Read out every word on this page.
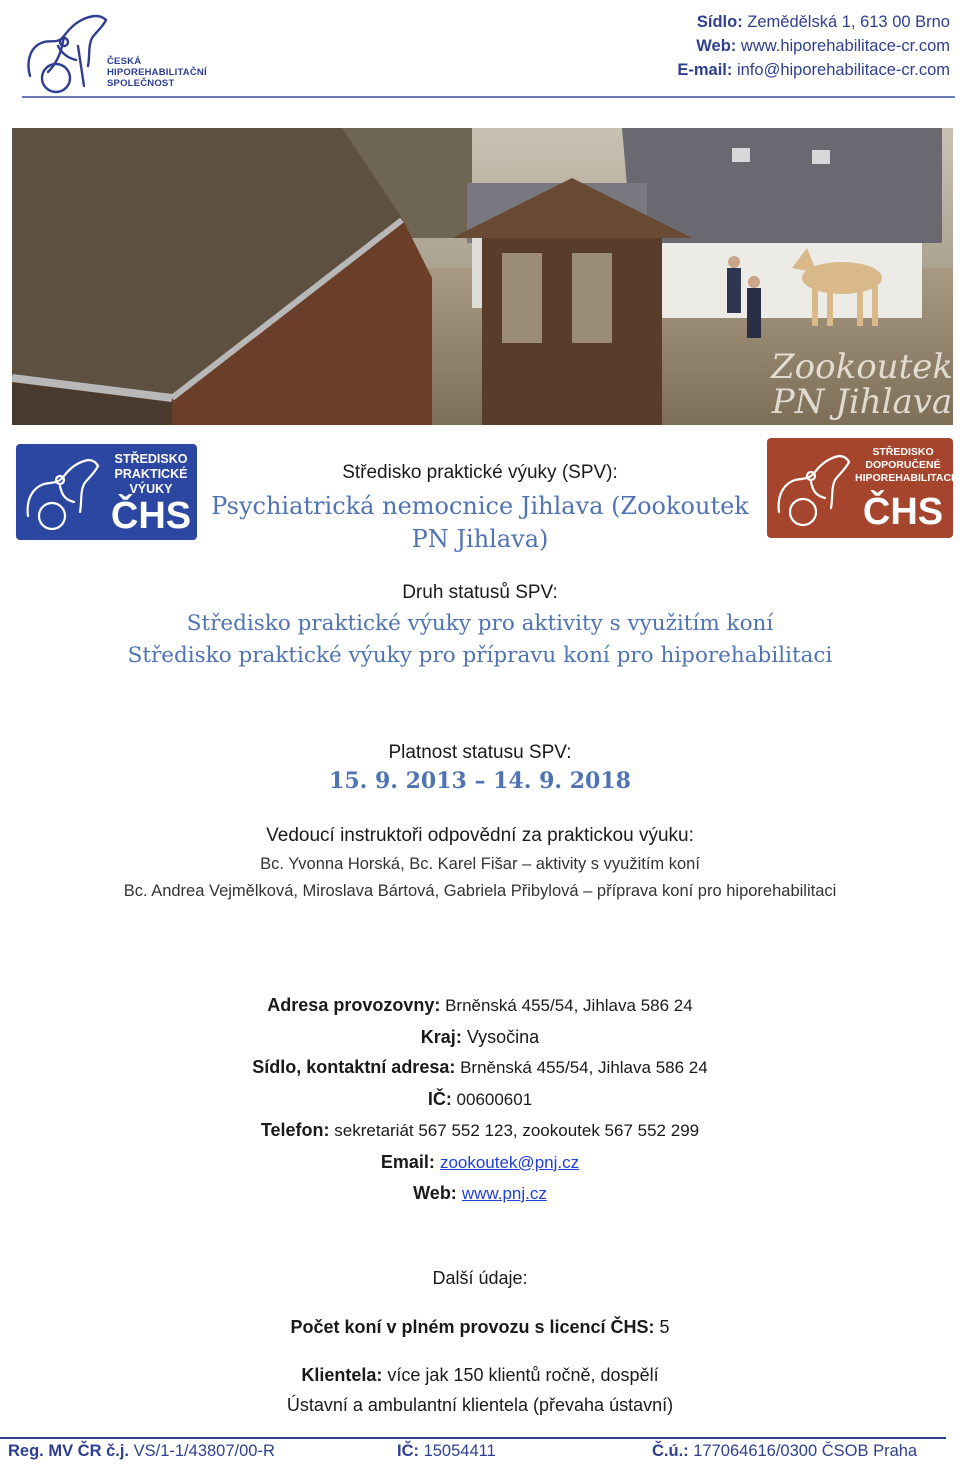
ČESKÁ
HIPOREHABILITAČNÍ
SPOLEČNOST
Sídlo: Zemědělská 1, 613 00 Brno
Web: www.hiporehabilitace-cr.com
E-mail: info@hiporehabilitace-cr.com
Zookoutek
PN Jihlava
STŘEDISKO
PRAKTICKÉ
VÝUKY
ČHS
STŘEDISKO
DOPORUČENÉ
HIPOREHABILITACE
ČHS
Středisko praktické výuky (SPV):
Psychiatrická nemocnice Jihlava (Zookoutek
PN Jihlava)
Druh statusů SPV:
Středisko praktické výuky pro aktivity s využitím koní
Středisko praktické výuky pro přípravu koní pro hiporehabilitaci
Platnost statusu SPV:
15. 9. 2013 – 14. 9. 2018
Vedoucí instruktoři odpovědní za praktickou výuku:
Bc. Yvonna Horská, Bc. Karel Fišar – aktivity s využitím koní
Bc. Andrea Vejmělková, Miroslava Bártová, Gabriela Přibylová – příprava koní pro hiporehabilitaci
Adresa provozovny: Brněnská 455/54, Jihlava 586 24
Kraj: Vysočina
Sídlo, kontaktní adresa: Brněnská 455/54, Jihlava 586 24
IČ: 00600601
Telefon: sekretariát 567 552 123, zookoutek 567 552 299
Email: zookoutek@pnj.cz
Web: www.pnj.cz
Další údaje:
Počet koní v plném provozu s licencí ČHS: 5
Klientela: více jak 150 klientů ročně, dospělí
Ústavní a ambulantní klientela (převaha ústavní)
Reg. MV ČR č.j. VS/1-1/43807/00-R	IČ: 15054411	Č.ú.: 177064616/0300 ČSOB Praha
